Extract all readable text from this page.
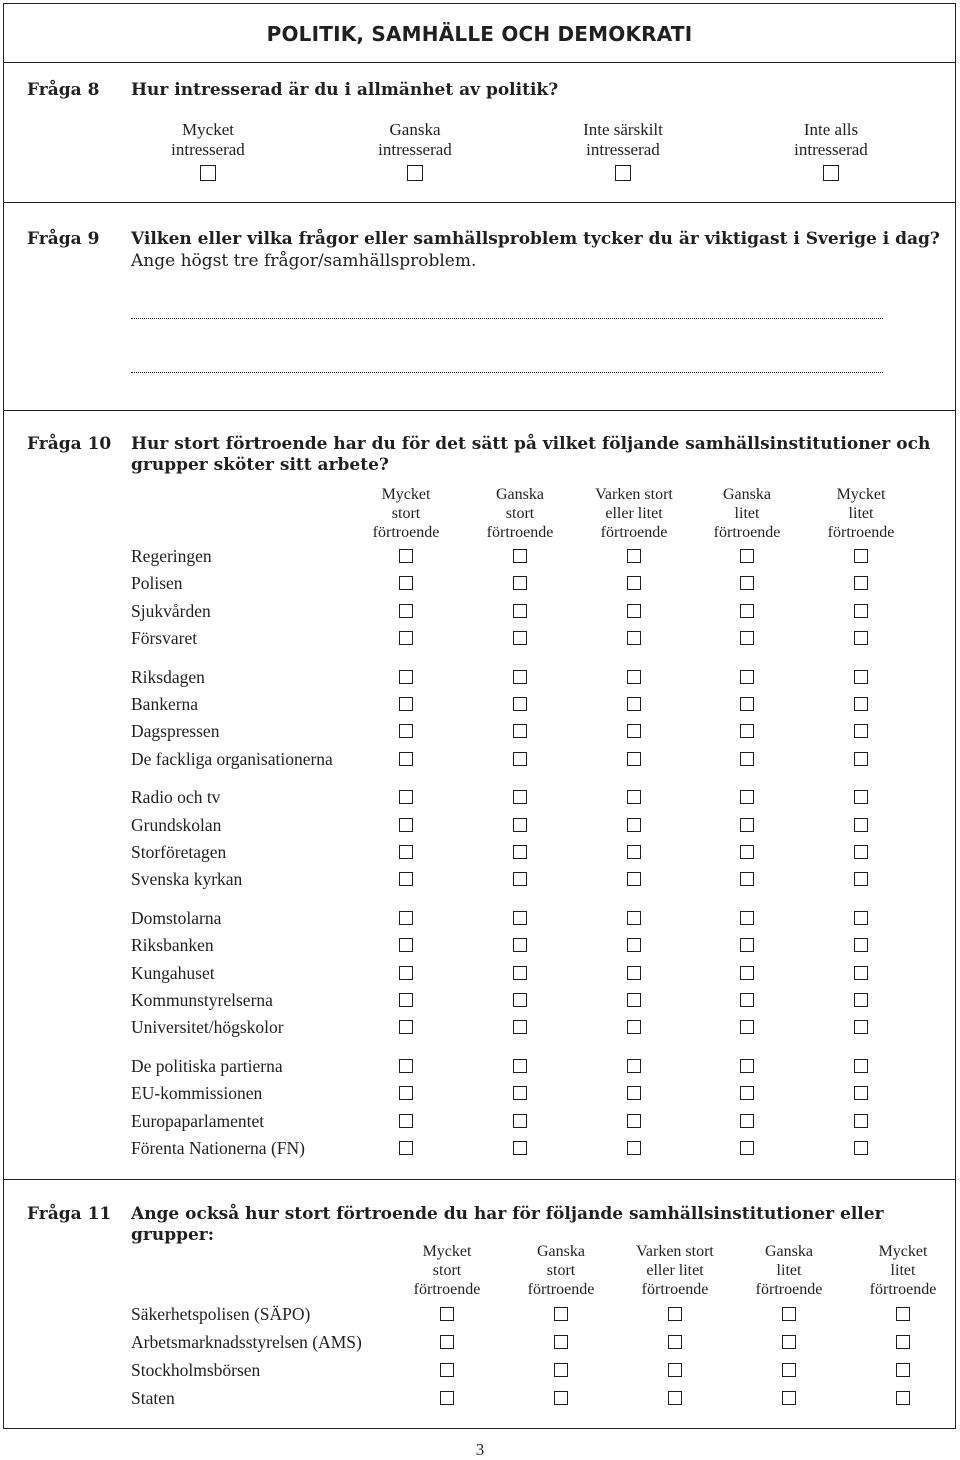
POLITIK, SAMHÄLLE OCH DEMOKRATI
Fråga 8 Hur intresserad är du i allmänhet av politik?
Mycket
intresserad
Ganska
intresserad
Inte särskilt
intresserad
Inte alls
intresserad
Fråga 9 Vilken eller vilka frågor eller samhällsproblem tycker du är viktigast i Sverige i dag?
Ange högst tre frågor/samhällsproblem.
Fråga 10 Hur stort förtroende har du för det sätt på vilket följande samhällsinstitutioner och
grupper sköter sitt arbete?
Mycket
stort
förtroende
Ganska
stort
förtroende
Varken stort
eller litet
förtroende
Ganska
litet
förtroende
Mycket
litet
förtroende
Regeringen
Polisen
Sjukvården
Försvaret
Riksdagen
Bankerna
Dagspressen
De fackliga organisationerna
Radio och tv
Grundskolan
Storföretagen
Svenska kyrkan
Domstolarna
Riksbanken
Kungahuset
Kommunstyrelserna
Universitet/högskolor
De politiska partierna
EU-kommissionen
Europaparlamentet
Förenta Nationerna (FN)
Fråga 11 Ange också hur stort förtroende du har för följande samhällsinstitutioner eller grupper:
Mycket
stort
förtroende
Ganska
stort
förtroende
Varken stort
eller litet
förtroende
Ganska
litet
förtroende
Mycket
litet
förtroende
Säkerhetspolisen (SÄPO)
Arbetsmarknadsstyrelsen (AMS)
Stockholmsbörsen
Staten
3
